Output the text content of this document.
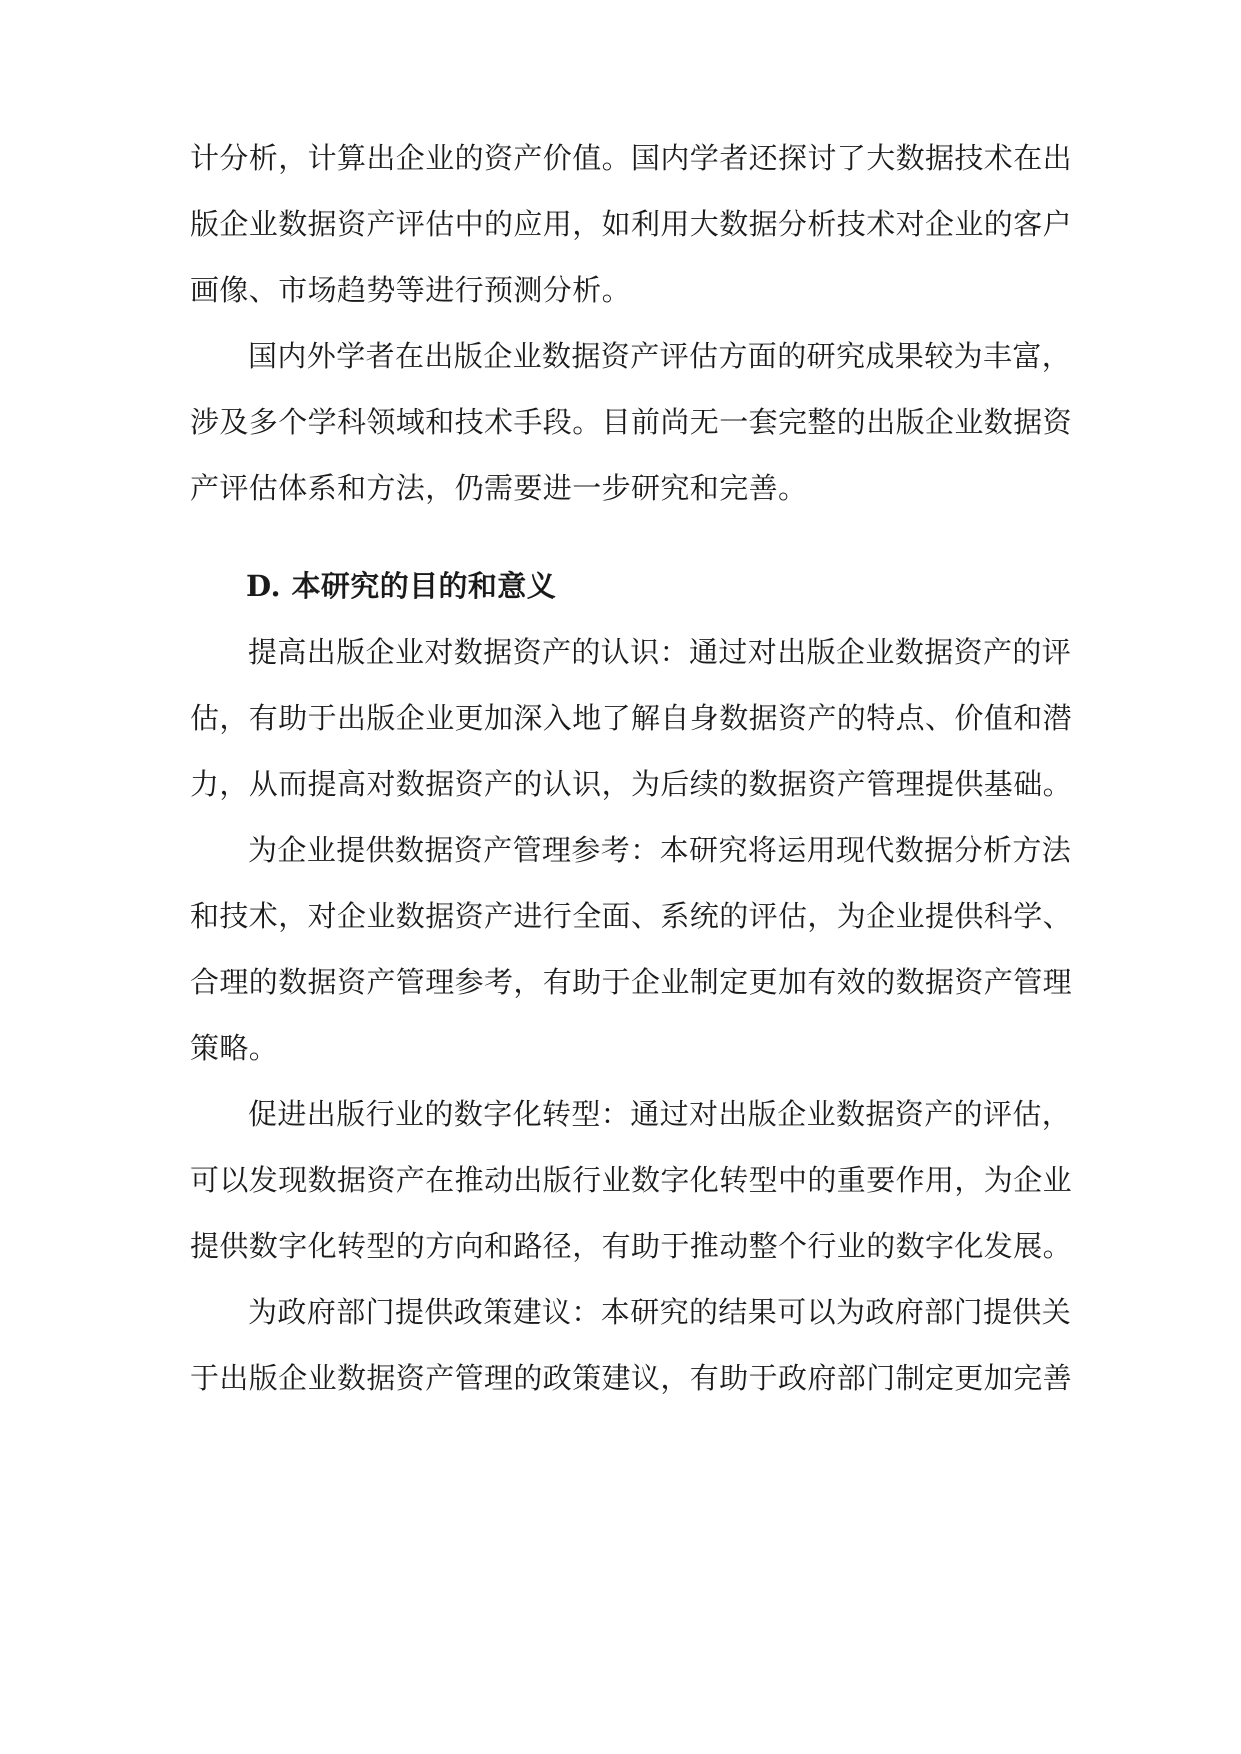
计分析，计算出企业的资产价值。国内学者还探讨了大数据技术在出
版企业数据资产评估中的应用，如利用大数据分析技术对企业的客户
画像、市场趋势等进行预测分析。
国内外学者在出版企业数据资产评估方面的研究成果较为丰富，
涉及多个学科领域和技术手段。目前尚无一套完整的出版企业数据资
产评估体系和方法，仍需要进一步研究和完善。
D. 本研究的目的和意义
提高出版企业对数据资产的认识：通过对出版企业数据资产的评
估，有助于出版企业更加深入地了解自身数据资产的特点、价值和潜
力，从而提高对数据资产的认识，为后续的数据资产管理提供基础。
为企业提供数据资产管理参考：本研究将运用现代数据分析方法
和技术，对企业数据资产进行全面、系统的评估，为企业提供科学、
合理的数据资产管理参考，有助于企业制定更加有效的数据资产管理
策略。
促进出版行业的数字化转型：通过对出版企业数据资产的评估，
可以发现数据资产在推动出版行业数字化转型中的重要作用，为企业
提供数字化转型的方向和路径，有助于推动整个行业的数字化发展。
为政府部门提供政策建议：本研究的结果可以为政府部门提供关
于出版企业数据资产管理的政策建议，有助于政府部门制定更加完善
